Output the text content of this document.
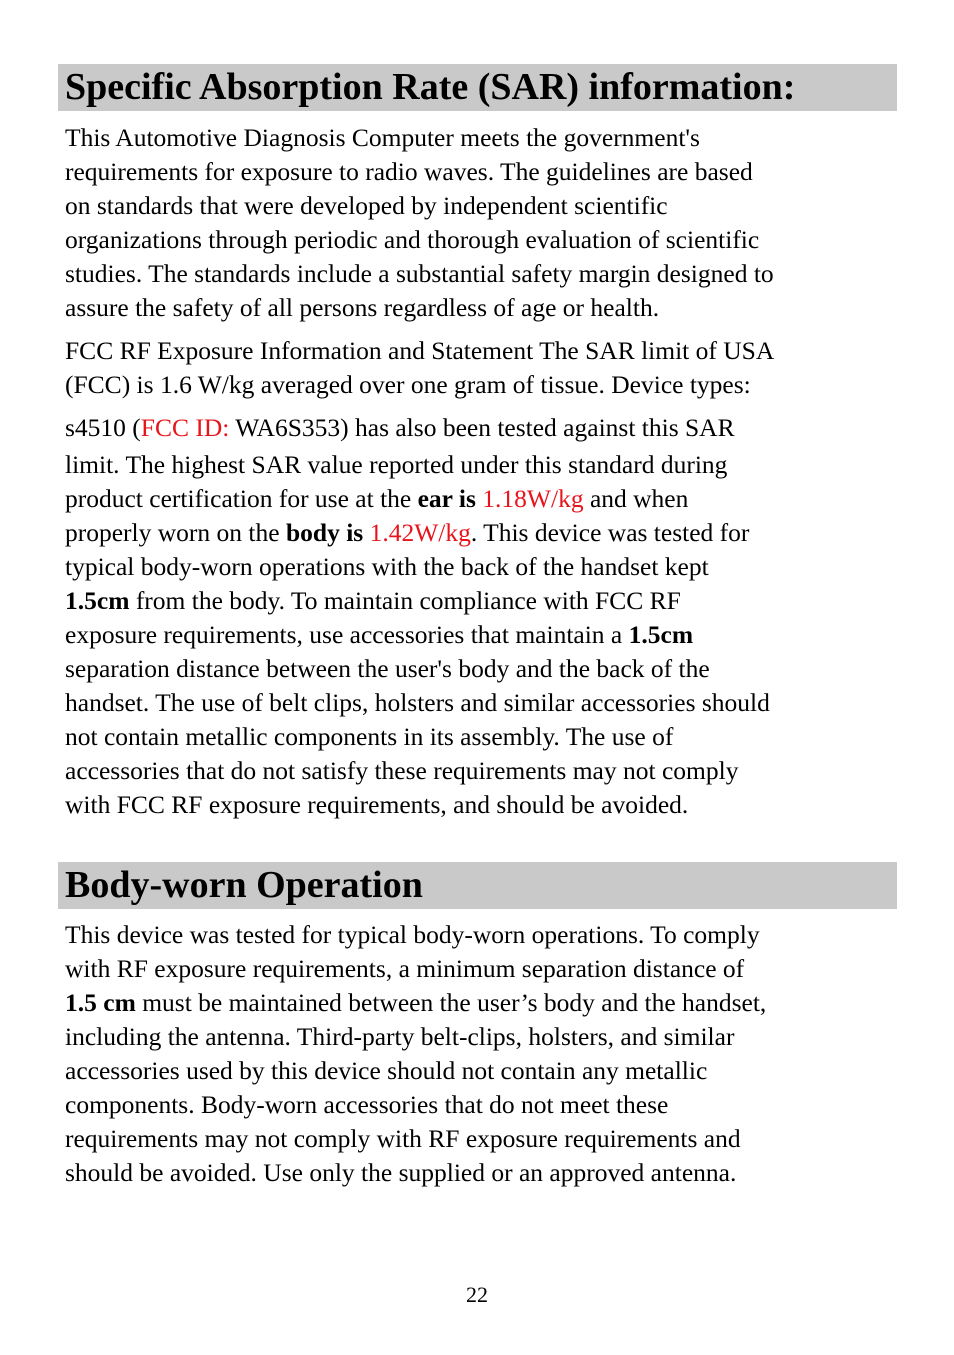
Specific Absorption Rate (SAR) information:
This Automotive Diagnosis Computer meets the government's
requirements for exposure to radio waves. The guidelines are based
on standards that were developed by independent scientific
organizations through periodic and thorough evaluation of scientific
studies. The standards include a substantial safety margin designed to
assure the safety of all persons regardless of age or health.
FCC RF Exposure Information and Statement The SAR limit of USA
(FCC) is 1.6 W/kg averaged over one gram of tissue. Device types:
s4510 (FCC ID: WA6S353) has also been tested against this SAR
limit. The highest SAR value reported under this standard during
product certification for use at the ear is 1.18W/kg and when
properly worn on the body is 1.42W/kg. This device was tested for
typical body-worn operations with the back of the handset kept
1.5cm from the body. To maintain compliance with FCC RF
exposure requirements, use accessories that maintain a 1.5cm
separation distance between the user's body and the back of the
handset. The use of belt clips, holsters and similar accessories should
not contain metallic components in its assembly. The use of
accessories that do not satisfy these requirements may not comply
with FCC RF exposure requirements, and should be avoided.
Body-worn Operation
This device was tested for typical body-worn operations. To comply
with RF exposure requirements, a minimum separation distance of
1.5 cm must be maintained between the user’s body and the handset,
including the antenna. Third-party belt-clips, holsters, and similar
accessories used by this device should not contain any metallic
components. Body-worn accessories that do not meet these
requirements may not comply with RF exposure requirements and
should be avoided. Use only the supplied or an approved antenna.
22
